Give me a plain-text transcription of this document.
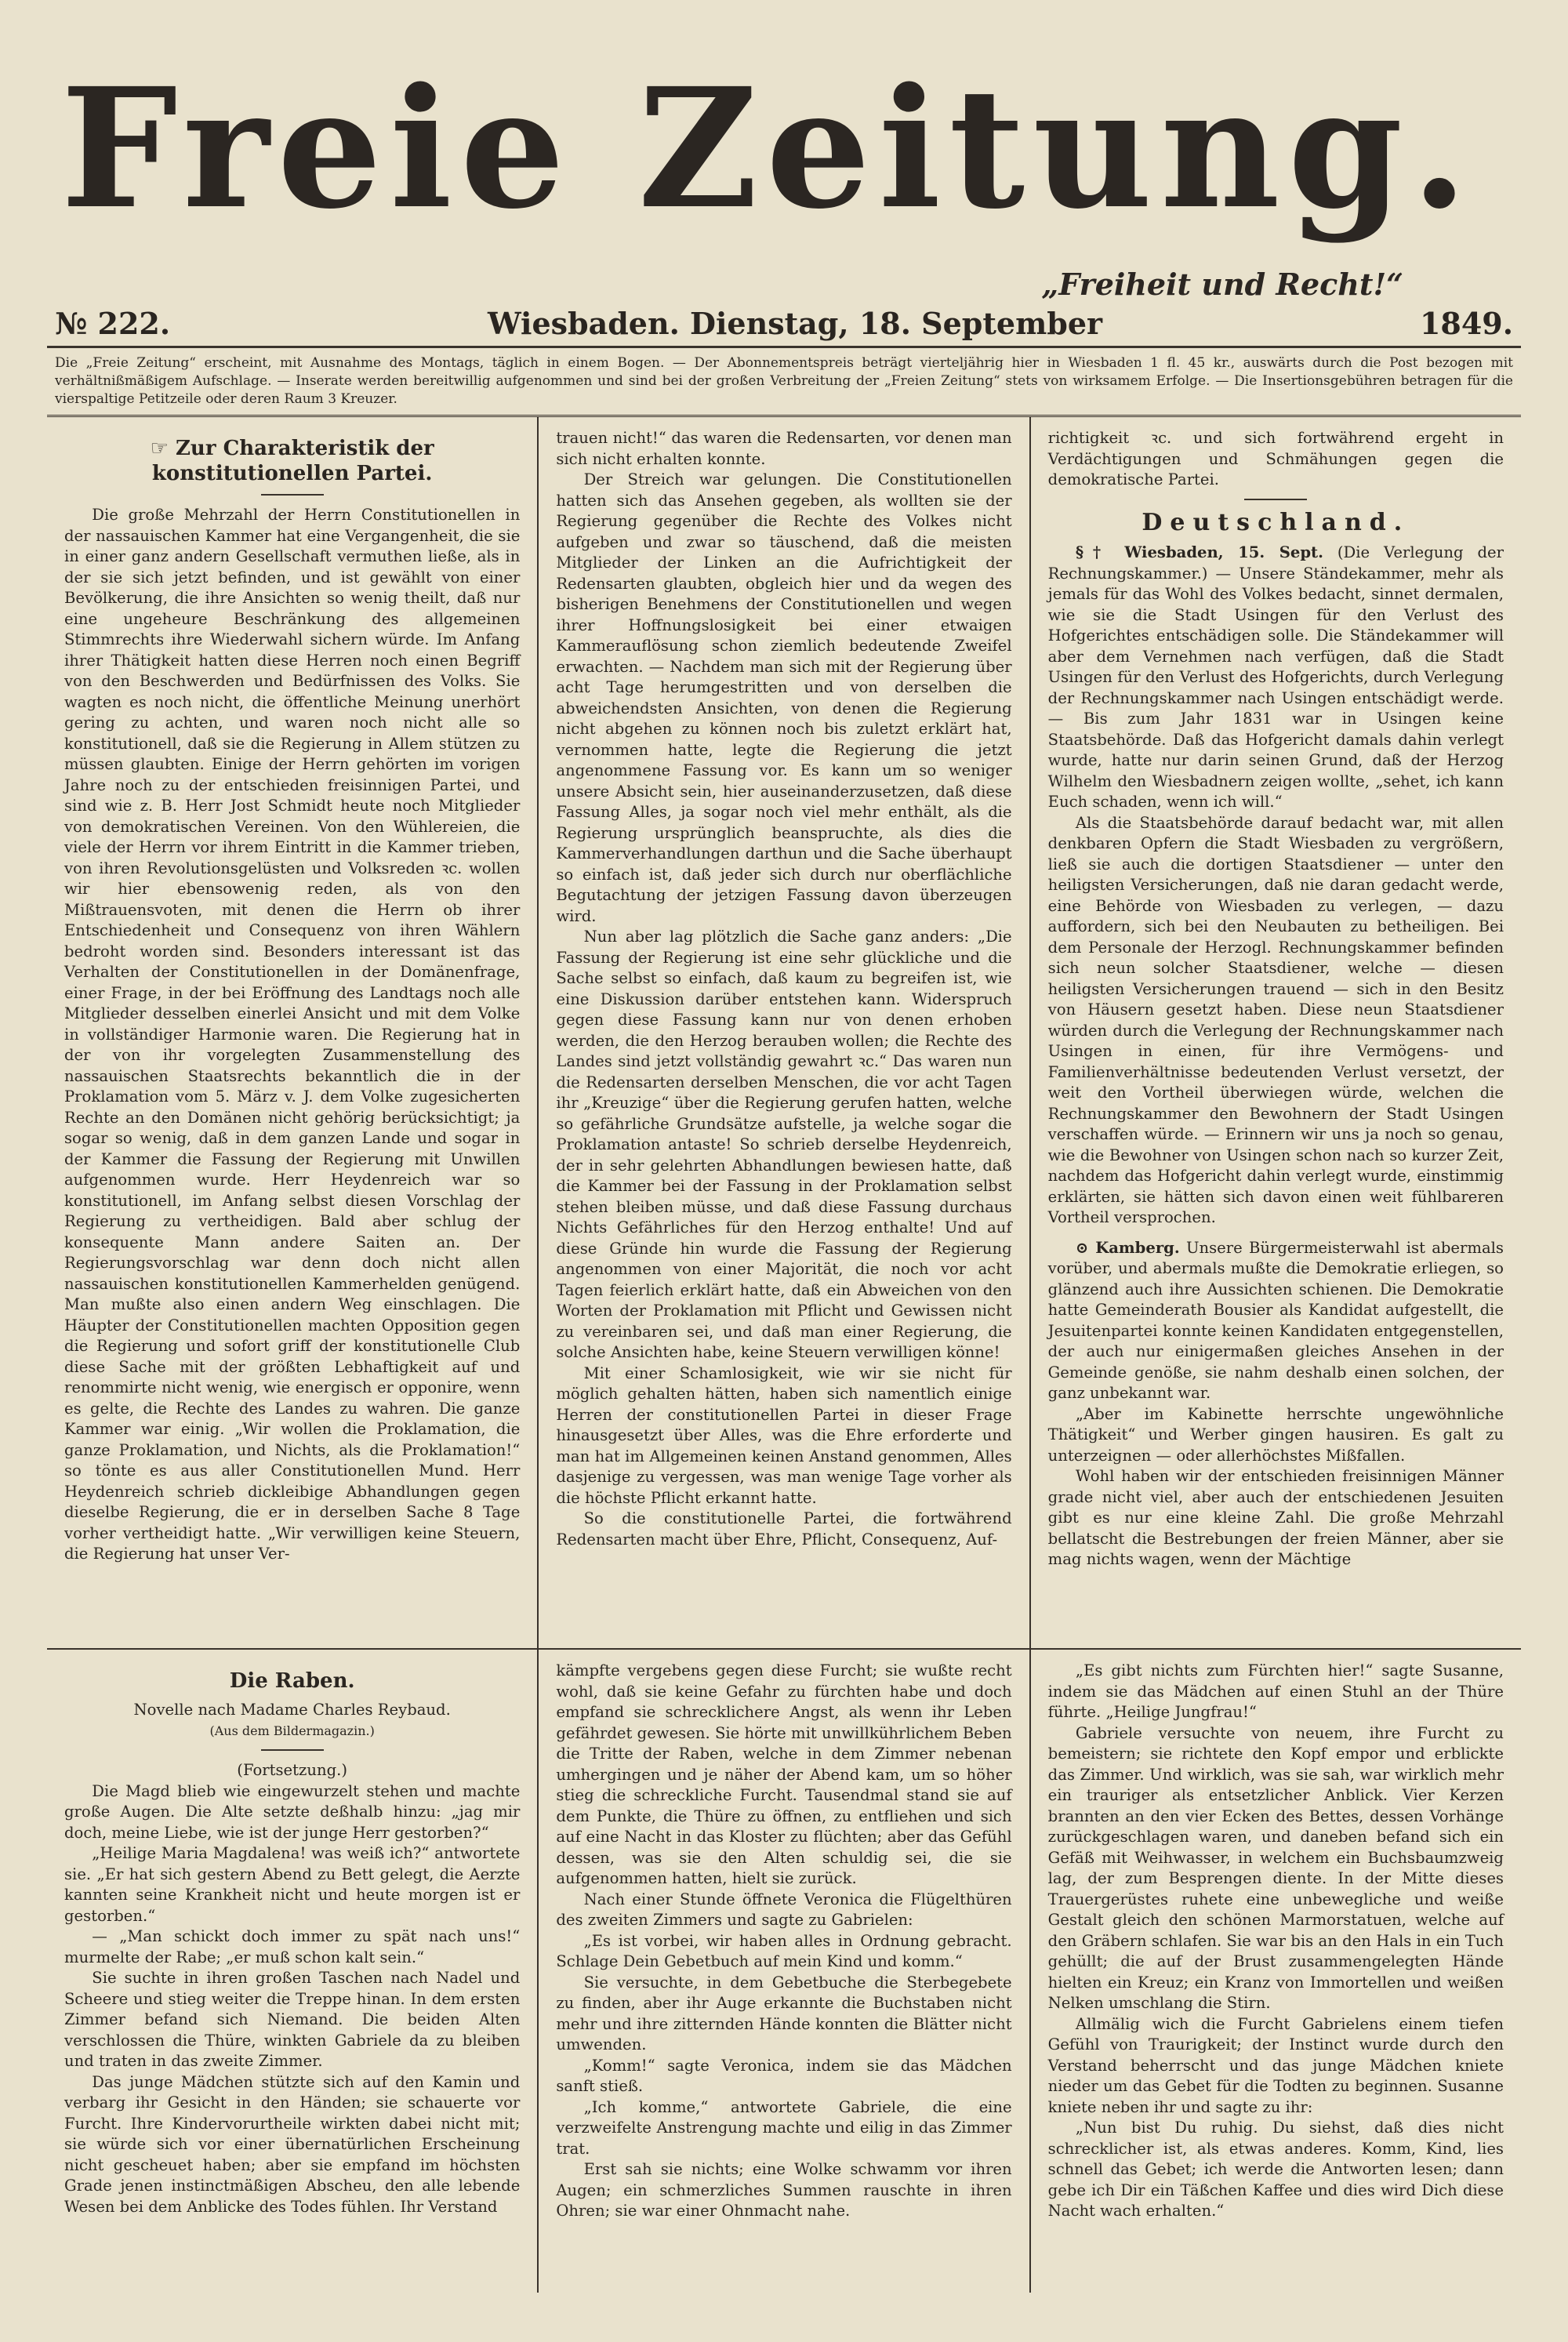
Freie Zeitung.
„Freiheit und Recht!“
№ 222.	Wiesbaden. Dienstag, 18. September	1849.

Die „Freie Zeitung“ erscheint, mit Ausnahme des Montags, täglich in einem Bogen. — Der Abonnementspreis beträgt vierteljährig hier in Wiesbaden 1 fl. 45 kr., auswärts durch die Post bezogen mit verhältnißmäßigem Aufschlage. — Inserate werden bereitwillig aufgenommen und sind bei der großen Verbreitung der „Freien Zeitung“ stets von wirksamem Erfolge. — Die Insertionsgebühren betragen für die vierspaltige Petitzeile oder deren Raum 3 Kreuzer.

☞ Zur Charakteristik der konstitutionellen Partei.

Die große Mehrzahl der Herrn Constitutionellen in der nassauischen Kammer hat eine Vergangenheit, die sie in einer ganz andern Gesellschaft vermuthen ließe, als in der sie sich jetzt befinden, und ist gewählt von einer Bevölkerung, die ihre Ansichten so wenig theilt, daß nur eine ungeheure Beschränkung des allgemeinen Stimmrechts ihre Wiederwahl sichern würde. Im Anfang ihrer Thätigkeit hatten diese Herren noch einen Begriff von den Beschwerden und Bedürfnissen des Volks. Sie wagten es noch nicht, die öffentliche Meinung unerhört gering zu achten, und waren noch nicht alle so konstitutionell, daß sie die Regierung in Allem stützen zu müssen glaubten. Einige der Herrn gehörten im vorigen Jahre noch zu der entschieden freisinnigen Partei, und sind wie z. B. Herr Jost Schmidt heute noch Mitglieder von demokratischen Vereinen. Von den Wühlereien, die viele der Herrn vor ihrem Eintritt in die Kammer trieben, von ihren Revolutionsgelüsten und Volksreden ꝛc. wollen wir hier ebensowenig reden, als von den Mißtrauensvoten, mit denen die Herrn ob ihrer Entschiedenheit und Consequenz von ihren Wählern bedroht worden sind. Besonders interessant ist das Verhalten der Constitutionellen in der Domänenfrage, einer Frage, in der bei Eröffnung des Landtags noch alle Mitglieder desselben einerlei Ansicht und mit dem Volke in vollständiger Harmonie waren. Die Regierung hat in der von ihr vorgelegten Zusammenstellung des nassauischen Staatsrechts bekanntlich die in der Proklamation vom 5. März v. J. dem Volke zugesicherten Rechte an den Domänen nicht gehörig berücksichtigt; ja sogar so wenig, daß in dem ganzen Lande und sogar in der Kammer die Fassung der Regierung mit Unwillen aufgenommen wurde. Herr Heydenreich war so konstitutionell, im Anfang selbst diesen Vorschlag der Regierung zu vertheidigen. Bald aber schlug der konsequente Mann andere Saiten an. Der Regierungsvorschlag war denn doch nicht allen nassauischen konstitutionellen Kammerhelden genügend. Man mußte also einen andern Weg einschlagen. Die Häupter der Constitutionellen machten Opposition gegen die Regierung und sofort griff der konstitutionelle Club diese Sache mit der größten Lebhaftigkeit auf und renommirte nicht wenig, wie energisch er opponire, wenn es gelte, die Rechte des Landes zu wahren. Die ganze Kammer war einig. „Wir wollen die Proklamation, die ganze Proklamation, und Nichts, als die Proklamation!“ so tönte es aus aller Constitutionellen Mund. Herr Heydenreich schrieb dickleibige Abhandlungen gegen dieselbe Regierung, die er in derselben Sache 8 Tage vorher vertheidigt hatte. „Wir verwilligen keine Steuern, die Regierung hat unser Ver-

trauen nicht!“ das waren die Redensarten, vor denen man sich nicht erhalten konnte.

Der Streich war gelungen. Die Constitutionellen hatten sich das Ansehen gegeben, als wollten sie der Regierung gegenüber die Rechte des Volkes nicht aufgeben und zwar so täuschend, daß die meisten Mitglieder der Linken an die Aufrichtigkeit der Redensarten glaubten, obgleich hier und da wegen des bisherigen Benehmens der Constitutionellen und wegen ihrer Hoffnungslosigkeit bei einer etwaigen Kammerauflösung schon ziemlich bedeutende Zweifel erwachten. — Nachdem man sich mit der Regierung über acht Tage herumgestritten und von derselben die abweichendsten Ansichten, von denen die Regierung nicht abgehen zu können noch bis zuletzt erklärt hat, vernommen hatte, legte die Regierung die jetzt angenommene Fassung vor. Es kann um so weniger unsere Absicht sein, hier auseinanderzusetzen, daß diese Fassung Alles, ja sogar noch viel mehr enthält, als die Regierung ursprünglich beanspruchte, als dies die Kammerverhandlungen darthun und die Sache überhaupt so einfach ist, daß jeder sich durch nur oberflächliche Begutachtung der jetzigen Fassung davon überzeugen wird.

Nun aber lag plötzlich die Sache ganz anders: „Die Fassung der Regierung ist eine sehr glückliche und die Sache selbst so einfach, daß kaum zu begreifen ist, wie eine Diskussion darüber entstehen kann. Widerspruch gegen diese Fassung kann nur von denen erhoben werden, die den Herzog berauben wollen; die Rechte des Landes sind jetzt vollständig gewahrt ꝛc.“ Das waren nun die Redensarten derselben Menschen, die vor acht Tagen ihr „Kreuzige“ über die Regierung gerufen hatten, welche so gefährliche Grundsätze aufstelle, ja welche sogar die Proklamation antaste! So schrieb derselbe Heydenreich, der in sehr gelehrten Abhandlungen bewiesen hatte, daß die Kammer bei der Fassung in der Proklamation selbst stehen bleiben müsse, und daß diese Fassung durchaus Nichts Gefährliches für den Herzog enthalte! Und auf diese Gründe hin wurde die Fassung der Regierung angenommen von einer Majorität, die noch vor acht Tagen feierlich erklärt hatte, daß ein Abweichen von den Worten der Proklamation mit Pflicht und Gewissen nicht zu vereinbaren sei, und daß man einer Regierung, die solche Ansichten habe, keine Steuern verwilligen könne!

Mit einer Schamlosigkeit, wie wir sie nicht für möglich gehalten hätten, haben sich namentlich einige Herren der constitutionellen Partei in dieser Frage hinausgesetzt über Alles, was die Ehre erforderte und man hat im Allgemeinen keinen Anstand genommen, Alles dasjenige zu vergessen, was man wenige Tage vorher als die höchste Pflicht erkannt hatte.

So die constitutionelle Partei, die fortwährend Redensarten macht über Ehre, Pflicht, Consequenz, Auf-

richtigkeit ꝛc. und sich fortwährend ergeht in Verdächtigungen und Schmähungen gegen die demokratische Partei.

Deutschland.

§† Wiesbaden, 15. Sept. (Die Verlegung der Rechnungskammer.) — Unsere Ständekammer, mehr als jemals für das Wohl des Volkes bedacht, sinnet dermalen, wie sie die Stadt Usingen für den Verlust des Hofgerichtes entschädigen solle. Die Ständekammer will aber dem Vernehmen nach verfügen, daß die Stadt Usingen für den Verlust des Hofgerichts, durch Verlegung der Rechnungskammer nach Usingen entschädigt werde. — Bis zum Jahr 1831 war in Usingen keine Staatsbehörde. Daß das Hofgericht damals dahin verlegt wurde, hatte nur darin seinen Grund, daß der Herzog Wilhelm den Wiesbadnern zeigen wollte, „sehet, ich kann Euch schaden, wenn ich will.“

Als die Staatsbehörde darauf bedacht war, mit allen denkbaren Opfern die Stadt Wiesbaden zu vergrößern, ließ sie auch die dortigen Staatsdiener — unter den heiligsten Versicherungen, daß nie daran gedacht werde, eine Behörde von Wiesbaden zu verlegen, — dazu auffordern, sich bei den Neubauten zu betheiligen. Bei dem Personale der Herzogl. Rechnungskammer befinden sich neun solcher Staatsdiener, welche — diesen heiligsten Versicherungen trauend — sich in den Besitz von Häusern gesetzt haben. Diese neun Staatsdiener würden durch die Verlegung der Rechnungskammer nach Usingen in einen, für ihre Vermögens- und Familienverhältnisse bedeutenden Verlust versetzt, der weit den Vortheil überwiegen würde, welchen die Rechnungskammer den Bewohnern der Stadt Usingen verschaffen würde. — Erinnern wir uns ja noch so genau, wie die Bewohner von Usingen schon nach so kurzer Zeit, nachdem das Hofgericht dahin verlegt wurde, einstimmig erklärten, sie hätten sich davon einen weit fühlbareren Vortheil versprochen.

⊙ Kamberg. Unsere Bürgermeisterwahl ist abermals vorüber, und abermals mußte die Demokratie erliegen, so glänzend auch ihre Aussichten schienen. Die Demokratie hatte Gemeinderath Bousier als Kandidat aufgestellt, die Jesuitenpartei konnte keinen Kandidaten entgegenstellen, der auch nur einigermaßen gleiches Ansehen in der Gemeinde genöße, sie nahm deshalb einen solchen, der ganz unbekannt war.

„Aber im Kabinette herrschte ungewöhnliche Thätigkeit“ und Werber gingen hausiren. Es galt zu unterzeignen — oder allerhöchstes Mißfallen.

Wohl haben wir der entschieden freisinnigen Männer grade nicht viel, aber auch der entschiedenen Jesuiten gibt es nur eine kleine Zahl. Die große Mehrzahl bellatscht die Bestrebungen der freien Männer, aber sie mag nichts wagen, wenn der Mächtige

Die Raben.

Novelle nach Madame Charles Reybaud.

(Aus dem Bildermagazin.)

(Fortsetzung.)

Die Magd blieb wie eingewurzelt stehen und machte große Augen. Die Alte setzte deßhalb hinzu: „jag mir doch, meine Liebe, wie ist der junge Herr gestorben?“

„Heilige Maria Magdalena! was weiß ich?“ antwortete sie. „Er hat sich gestern Abend zu Bett gelegt, die Aerzte kannten seine Krankheit nicht und heute morgen ist er gestorben.“

— „Man schickt doch immer zu spät nach uns!“ murmelte der Rabe; „er muß schon kalt sein.“

Sie suchte in ihren großen Taschen nach Nadel und Scheere und stieg weiter die Treppe hinan. In dem ersten Zimmer befand sich Niemand. Die beiden Alten verschlossen die Thüre, winkten Gabriele da zu bleiben und traten in das zweite Zimmer.

Das junge Mädchen stützte sich auf den Kamin und verbarg ihr Gesicht in den Händen; sie schauerte vor Furcht. Ihre Kindervorurtheile wirkten dabei nicht mit; sie würde sich vor einer übernatürlichen Erscheinung nicht gescheuet haben; aber sie empfand im höchsten Grade jenen instinctmäßigen Abscheu, den alle lebende Wesen bei dem Anblicke des Todes fühlen. Ihr Verstand

kämpfte vergebens gegen diese Furcht; sie wußte recht wohl, daß sie keine Gefahr zu fürchten habe und doch empfand sie schrecklichere Angst, als wenn ihr Leben gefährdet gewesen. Sie hörte mit unwillkührlichem Beben die Tritte der Raben, welche in dem Zimmer nebenan umhergingen und je näher der Abend kam, um so höher stieg die schreckliche Furcht. Tausendmal stand sie auf dem Punkte, die Thüre zu öffnen, zu entfliehen und sich auf eine Nacht in das Kloster zu flüchten; aber das Gefühl dessen, was sie den Alten schuldig sei, die sie aufgenommen hatten, hielt sie zurück.

Nach einer Stunde öffnete Veronica die Flügelthüren des zweiten Zimmers und sagte zu Gabrielen:

„Es ist vorbei, wir haben alles in Ordnung gebracht. Schlage Dein Gebetbuch auf mein Kind und komm.“

Sie versuchte, in dem Gebetbuche die Sterbegebete zu finden, aber ihr Auge erkannte die Buchstaben nicht mehr und ihre zitternden Hände konnten die Blätter nicht umwenden.

„Komm!“ sagte Veronica, indem sie das Mädchen sanft stieß.

„Ich komme,“ antwortete Gabriele, die eine verzweifelte Anstrengung machte und eilig in das Zimmer trat.

Erst sah sie nichts; eine Wolke schwamm vor ihren Augen; ein schmerzliches Summen rauschte in ihren Ohren; sie war einer Ohnmacht nahe.

„Es gibt nichts zum Fürchten hier!“ sagte Susanne, indem sie das Mädchen auf einen Stuhl an der Thüre führte. „Heilige Jungfrau!“

Gabriele versuchte von neuem, ihre Furcht zu bemeistern; sie richtete den Kopf empor und erblickte das Zimmer. Und wirklich, was sie sah, war wirklich mehr ein trauriger als entsetzlicher Anblick. Vier Kerzen brannten an den vier Ecken des Bettes, dessen Vorhänge zurückgeschlagen waren, und daneben befand sich ein Gefäß mit Weihwasser, in welchem ein Buchsbaumzweig lag, der zum Besprengen diente. In der Mitte dieses Trauergerüstes ruhete eine unbewegliche und weiße Gestalt gleich den schönen Marmorstatuen, welche auf den Gräbern schlafen. Sie war bis an den Hals in ein Tuch gehüllt; die auf der Brust zusammengelegten Hände hielten ein Kreuz; ein Kranz von Immortellen und weißen Nelken umschlang die Stirn.

Allmälig wich die Furcht Gabrielens einem tiefen Gefühl von Traurigkeit; der Instinct wurde durch den Verstand beherrscht und das junge Mädchen kniete nieder um das Gebet für die Todten zu beginnen. Susanne kniete neben ihr und sagte zu ihr:

„Nun bist Du ruhig. Du siehst, daß dies nicht schrecklicher ist, als etwas anderes. Komm, Kind, lies schnell das Gebet; ich werde die Antworten lesen; dann gebe ich Dir ein Täßchen Kaffee und dies wird Dich diese Nacht wach erhalten.“
